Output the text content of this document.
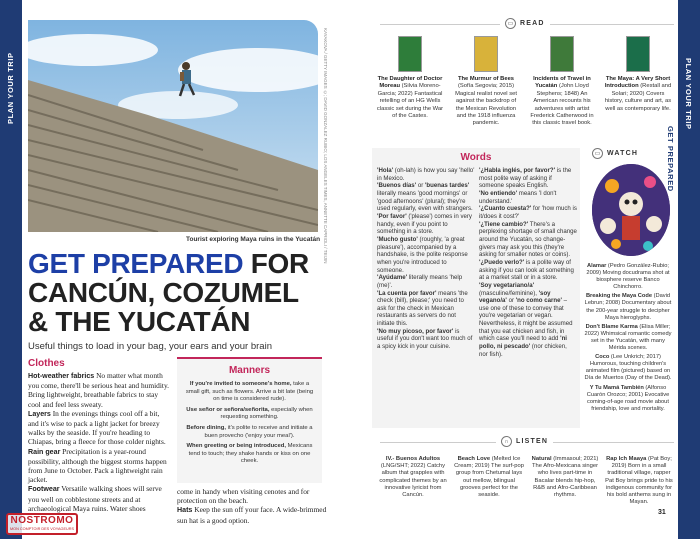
PLAN YOUR TRIP	PLAN YOUR TRIP
GET PREPARED
KAYAKOVA / GETTY IMAGES ©; DAVID GONZALEZ RUBIO; LOS ANGELES TIMES, ANNETTE CAPRIOLI / TEIJIN
Tourist exploring Maya ruins in the Yucatán
GET PREPARED FOR
CANCÚN, COZUMEL
& THE YUCATÁN
Useful things to load in your bag, your ears and your brain
Clothes

Hot-weather fabrics No matter what month you come, there'll be serious heat and humidity. Bring lightweight, breathable fabrics to stay cool and feel less sweaty.

Layers In the evenings things cool off a bit, and it's wise to pack a light jacket for breezy walks by the seaside. If you're heading to Chiapas, bring a fleece for those colder nights.

Rain gear Precipitation is a year-round possibility, although the biggest storms happen from June to October. Pack a lightweight rain jacket.

Footwear Versatile walking shoes will serve you well on cobblestone streets and at archaeological Maya ruins. Water shoes

come in handy when visiting cenotes and for protection on the beach.

Hats Keep the sun off your face. A wide-brimmed sun hat is a good option.

Manners

If you're invited to someone's home, take a small gift, such as flowers. Arrive a bit late (being on time is considered rude).

Use señor or señora/señorita, especially when requesting something.

Before dining, it's polite to receive and initiate a buen provecho ('enjoy your meal').

When greeting or being introduced, Mexicans tend to touch; they shake hands or kiss on one cheek.

▭ READ
The Daughter of Doctor Moreau (Silvia Moreno-Garcia; 2022) Fantastical retelling of an HG Wells classic set during the War of the Castes.
The Murmur of Bees (Sofía Segovia; 2015) Magical realist novel set against the backdrop of the Mexican Revolution and the 1918 influenza pandemic.
Incidents of Travel in Yucatán (John Lloyd Stephens; 1848) An American recounts his adventures with artist Frederick Catherwood in this classic travel book.
The Maya: A Very Short Introduction (Restall and Solari; 2020) Covers history, culture and art, as well as contemporary life.
Words

'Hola' (oh-lah) is how you say 'hello' in Mexico.

'Buenos días' or 'buenas tardes' literally means 'good mornings' or 'good afternoons' (plural); they're used regularly, even with strangers.

'Por favor' ('please') comes in very handy, even if you point to something in a store.

'Mucho gusto' (roughly, 'a great pleasure'), accompanied by a handshake, is the polite response when you're introduced to someone.

'Ayúdame' literally means 'help (me)'.

'La cuenta por favor' means 'the check (bill), please;' you need to ask for the check in Mexican restaurants as servers do not initiate this.

'No muy picoso, por favor' is useful if you don't want too much of a spicy kick in your cuisine.

'¿Habla inglés, por favor?' is the most polite way of asking if someone speaks English.

'No entiendo' means 'I don't understand.'

'¿Cuanto cuesta?' for 'how much is it/does it cost?'

'¿Tiene cambio?' There's a perplexing shortage of small change around the Yucatán, so change-givers may ask you this (they're asking for smaller notes or coins).

'¿Puedo verlo?' is a polite way of asking if you can look at something at a market stall or in a store.

'Soy vegetariano/a' (masculine/feminine), 'soy vegano/a' or 'no como carne' – use one of these to convey that you're vegetarian or vegan. Nevertheless, it might be assumed that you eat chicken and fish, in which case you'll need to add 'ni pollo, ni pescado' (nor chicken, nor fish).

▭ WATCH

Alamar (Pedro González-Rubio; 2009) Moving docudrama shot at biosphere reserve Banco Chinchorro.

Breaking the Maya Code (David Lebrun; 2008) Documentary about the 200-year struggle to decipher Maya hieroglyphs.

Don't Blame Karma (Elisa Miller; 2022) Whimsical romantic comedy set in the Yucatán, with many Mérida scenes.

Coco (Lee Unkrich; 2017) Humorous, touching children's animated film (pictured) based on Día de Muertos (Day of the Dead).

Y Tu Mamá También (Alfonso Cuarón Orozco; 2001) Evocative coming-of-age road movie about friendship, love and mortality.

∩	LISTEN
IV.- Buenos Adultos (LNG/SHT; 2022) Catchy album that grapples with complicated themes by an innovative lyricist from Cancún.
Beach Love (Melted Ice Cream; 2019) The surf-pop group from Chetumal lays out mellow, bilingual grooves perfect for the seaside.
Natural (Immasoul; 2021) The Afro-Mexicana singer who lives part-time in Bacalar blends hip-hop, R&B and Afro-Caribbean rhythms.
Rap Ich Maaya (Pat Boy; 2019) Born in a small traditional village, rapper Pat Boy brings pride to his indigenous community for his bold anthems sung in Mayan.
31
NOSTROMO
MON COMPTOIR DES VOYAGEURS
